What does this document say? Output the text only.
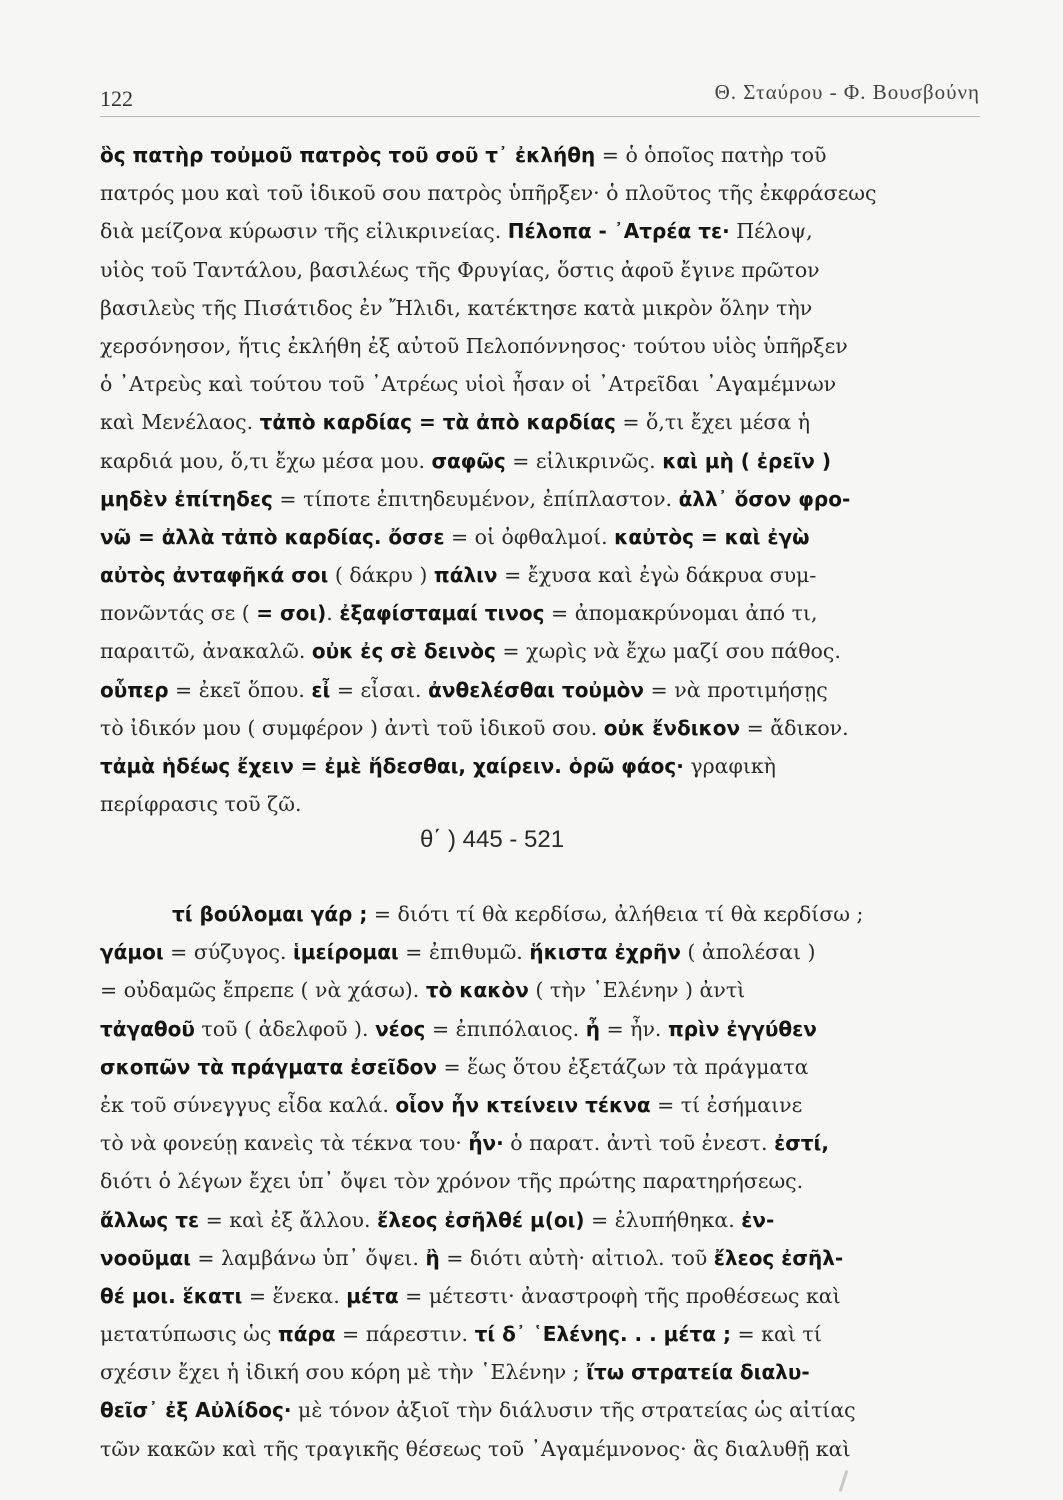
122	Θ. Σταύρου - Φ. Βουσβούνη
ὃς πατὴρ τοὐμοῦ πατρὸς τοῦ σοῦ τ᾽ ἐκλήθη = ὁ ὁποῖος πατὴρ τοῦ
πατρός μου καὶ τοῦ ἰδικοῦ σου πατρὸς ὑπῆρξεν· ὁ πλοῦτος τῆς ἐκφράσεως
διὰ μείζονα κύρωσιν τῆς εἰλικρινείας. Πέλοπα - ᾿Ατρέα τε· Πέλοψ,
υἱὸς τοῦ Ταντάλου, βασιλέως τῆς Φρυγίας, ὅστις ἀφοῦ ἔγινε πρῶτον
βασιλεὺς τῆς Πισάτιδος ἐν Ἤλιδι, κατέκτησε κατὰ μικρὸν ὅλην τὴν
χερσόνησον, ἥτις ἐκλήθη ἐξ αὐτοῦ Πελοπόννησος· τούτου υἱὸς ὑπῆρξεν
ὁ ᾿Ατρεὺς καὶ τούτου τοῦ ᾿Ατρέως υἱοὶ ἦσαν οἱ ᾿Ατρεῖδαι ᾿Αγαμέμνων
καὶ Μενέλαος. τἀπὸ καρδίας = τὰ ἀπὸ καρδίας = ὅ,τι ἔχει μέσα ἡ
καρδιά μου, ὅ,τι ἔχω μέσα μου. σαφῶς = εἰλικρινῶς. καὶ μὴ ( ἐρεῖν )
μηδὲν ἐπίτηδες = τίποτε ἐπιτηδευμένον, ἐπίπλαστον. ἀλλ᾽ ὅσον φρο-
νῶ = ἀλλὰ τἀπὸ καρδίας. ὄσσε = οἱ ὀφθαλμοί. καὐτὸς = καὶ ἐγὼ
αὐτὸς ἀνταφῆκά σοι ( δάκρυ ) πάλιν = ἔχυσα καὶ ἐγὼ δάκρυα συμ-
πονῶντάς σε ( = σοι). ἐξαφίσταμαί τινος = ἀπομακρύνομαι ἀπό τι,
παραιτῶ, ἀνακαλῶ. οὐκ ἐς σὲ δεινὸς = χωρὶς νὰ ἔχω μαζί σου πάθος.
οὗπερ = ἐκεῖ ὅπου. εἶ = εἶσαι. ἀνθελέσθαι τοὐμὸν = νὰ προτιμήσῃς
τὸ ἰδικόν μου ( συμφέρον ) ἀντὶ τοῦ ἰδικοῦ σου. οὐκ ἔνδικον = ἄδικον.
τἀμὰ ἡδέως ἔχειν = ἐμὲ ἥδεσθαι, χαίρειν. ὁρῶ φάος· γραφικὴ
περίφρασις τοῦ ζῶ.
θ΄ ) 445 - 521
τί βούλομαι γάρ ; = διότι τί θὰ κερδίσω, ἀλήθεια τί θὰ κερδίσω ;
γάμοι = σύζυγος. ἱμείρομαι = ἐπιθυμῶ. ἥκιστα ἐχρῆν ( ἀπολέσαι )
= οὐδαμῶς ἔπρεπε ( νὰ χάσω). τὸ κακὸν ( τὴν ῾Ελένην ) ἀντὶ
τἀγαθοῦ τοῦ ( ἀδελφοῦ ). νέος = ἐπιπόλαιος. ἦ = ἦν. πρὶν ἐγγύθεν
σκοπῶν τὰ πράγματα ἐσεῖδον = ἕως ὅτου ἐξετάζων τὰ πράγματα
ἐκ τοῦ σύνεγγυς εἶδα καλά. οἷον ἦν κτείνειν τέκνα = τί ἐσήμαινε
τὸ νὰ φονεύῃ κανεὶς τὰ τέκνα του· ἦν· ὁ παρατ. ἀντὶ τοῦ ἐνεστ. ἐστί,
διότι ὁ λέγων ἔχει ὑπ᾽ ὄψει τὸν χρόνον τῆς πρώτης παρατηρήσεως.
ἄλλως τε = καὶ ἐξ ἄλλου. ἔλεος ἐσῆλθέ μ(οι) = ἐλυπήθηκα. ἐν-
νοοῦμαι = λαμβάνω ὑπ᾽ ὄψει. ἢ = διότι αὐτὴ· αἰτιολ. τοῦ ἔλεος ἐσῆλ-
θέ μοι. ἕκατι = ἕνεκα. μέτα = μέτεστι· ἀναστροφὴ τῆς προθέσεως καὶ
μετατύπωσις ὡς πάρα = πάρεστιν. τί δ᾽ ῾Ελένης. . . μέτα ; = καὶ τί
σχέσιν ἔχει ἡ ἰδική σου κόρη μὲ τὴν ῾Ελένην ; ἴτω στρατεία διαλυ-
θεῖσ᾽ ἐξ Αὐλίδος· μὲ τόνον ἀξιοῖ τὴν διάλυσιν τῆς στρατείας ὡς αἰτίας
τῶν κακῶν καὶ τῆς τραγικῆς θέσεως τοῦ ᾿Αγαμέμνονος· ἃς διαλυθῇ καὶ
